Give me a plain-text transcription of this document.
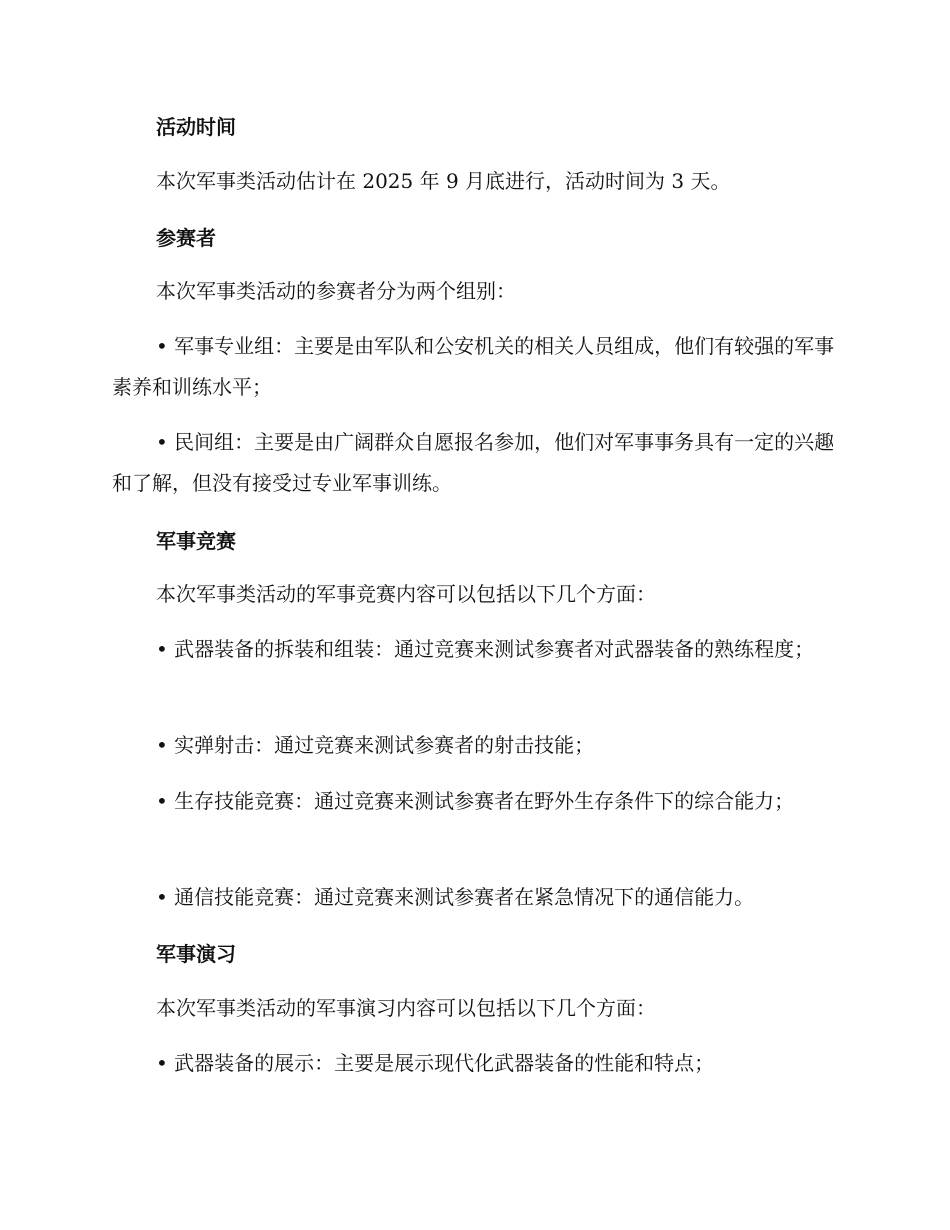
活动时间

本次军事类活动估计在 2025 年 9 月底进行，活动时间为 3 天。

参赛者

本次军事类活动的参赛者分为两个组别：

• 军事专业组：主要是由军队和公安机关的相关人员组成，他们有较强的军事素养和训练水平；

• 民间组：主要是由广阔群众自愿报名参加，他们对军事事务具有一定的兴趣和了解，但没有接受过专业军事训练。

军事竞赛

本次军事类活动的军事竞赛内容可以包括以下几个方面：

• 武器装备的拆装和组装：通过竞赛来测试参赛者对武器装备的熟练程度；

• 实弹射击：通过竞赛来测试参赛者的射击技能；

• 生存技能竞赛：通过竞赛来测试参赛者在野外生存条件下的综合能力；

• 通信技能竞赛：通过竞赛来测试参赛者在紧急情况下的通信能力。

军事演习

本次军事类活动的军事演习内容可以包括以下几个方面：

• 武器装备的展示：主要是展示现代化武器装备的性能和特点；
